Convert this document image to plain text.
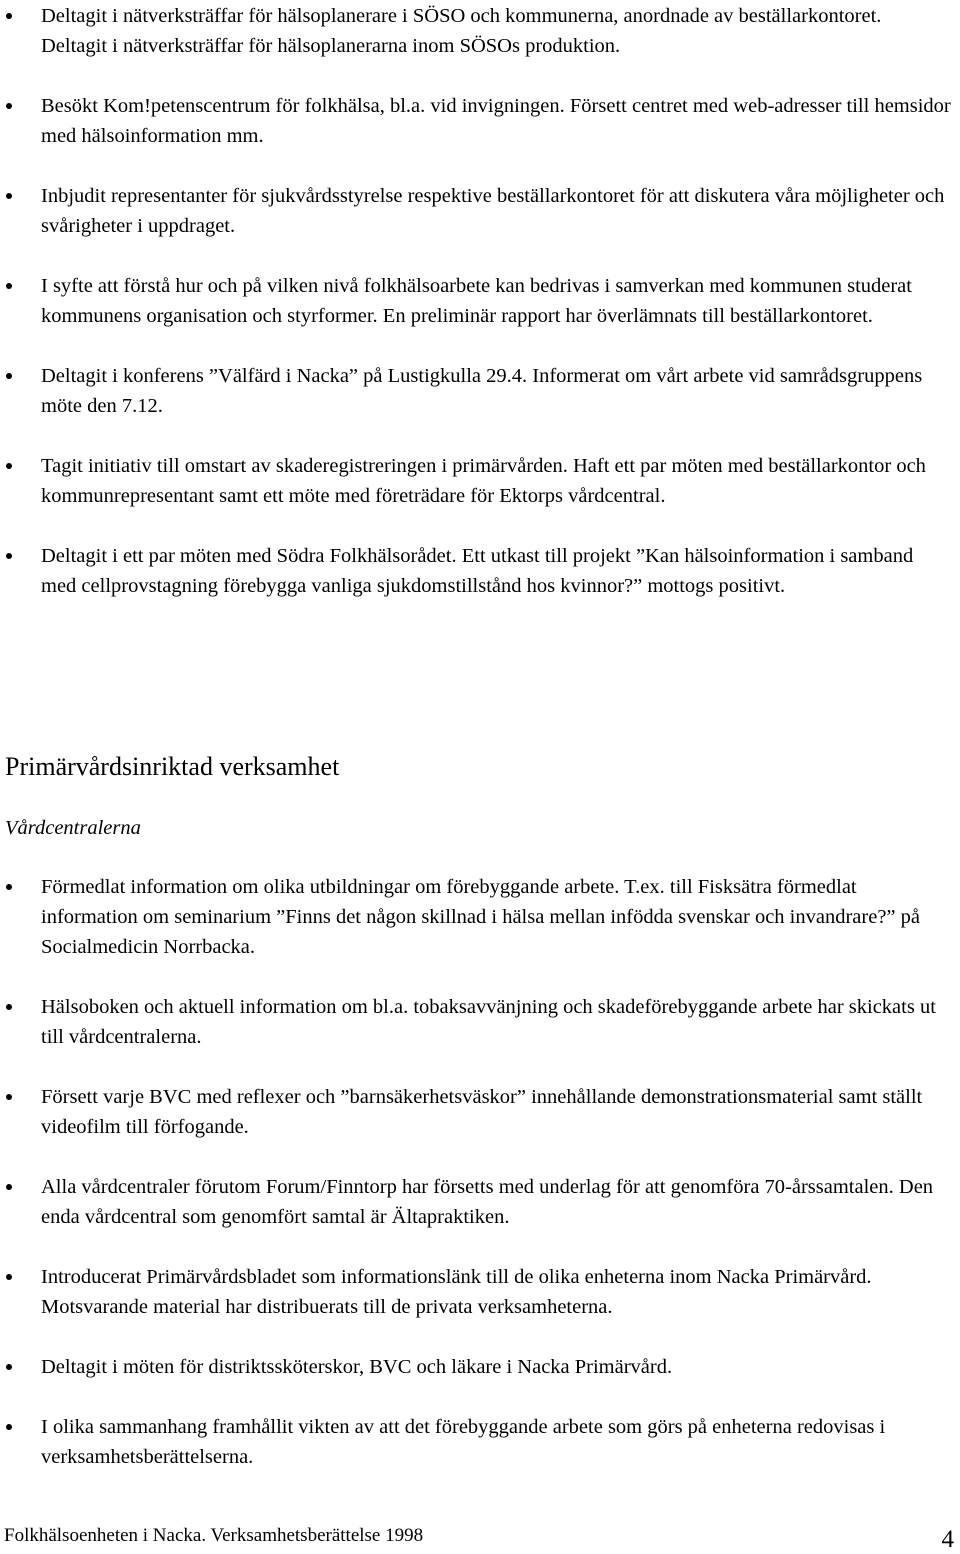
Deltagit i nätverksträffar för hälsoplanerare i SÖSO och kommunerna, anordnade av beställarkontoret. Deltagit i nätverksträffar för hälsoplanerarna inom SÖSOs produktion.
Besökt Kom!petenscentrum för folkhälsa, bl.a. vid invigningen. Försett centret med web-adresser till hemsidor med hälsoinformation mm.
Inbjudit representanter för sjukvårdsstyrelse respektive beställarkontoret för att diskutera våra möjligheter och svårigheter i uppdraget.
I syfte att förstå hur och på vilken nivå folkhälsoarbete kan bedrivas i samverkan med kommunen studerat kommunens organisation och styrformer. En preliminär rapport har överlämnats till beställarkontoret.
Deltagit i konferens ”Välfärd i Nacka” på Lustigkulla 29.4. Informerat om vårt arbete vid samrådsgruppens möte den 7.12.
Tagit initiativ till omstart av skaderegistreringen i primärvården. Haft ett par möten med beställarkontor och kommunrepresentant samt ett möte med företrädare för Ektorps vårdcentral.
Deltagit i ett par möten med Södra Folkhälsorådet. Ett utkast till projekt ”Kan hälsoinformation i samband med cellprovstagning förebygga vanliga sjukdomstillstånd hos kvinnor?” mottogs positivt.
Primärvårdsinriktad verksamhet
Vårdcentralerna
Förmedlat information om olika utbildningar om förebyggande arbete. T.ex. till Fisksätra förmedlat information om seminarium ”Finns det någon skillnad i hälsa mellan infödda svenskar och invandrare?” på Socialmedicin Norrbacka.
Hälsoboken och aktuell information om bl.a. tobaksavvänjning och skadeförebyggande arbete har skickats ut till vårdcentralerna.
Försett varje BVC med reflexer och ”barnsäkerhetsväskor” innehållande demonstrationsmaterial samt ställt videofilm till förfogande.
Alla vårdcentraler förutom Forum/Finntorp har försetts med underlag för att genomföra 70-årssamtalen. Den enda vårdcentral som genomfört samtal är Ältapraktiken.
Introducerat Primärvårdsbladet som informationslänk till de olika enheterna inom Nacka Primärvård. Motsvarande material har distribuerats till de privata verksamheterna.
Deltagit i möten för distriktssköterskor, BVC och läkare i Nacka Primärvård.
I olika sammanhang framhållit vikten av att det förebyggande arbete som görs på enheterna redovisas i verksamhetsberättelserna.
Folkhälsoenheten i Nacka. Verksamhetsberättelse 1998	4
